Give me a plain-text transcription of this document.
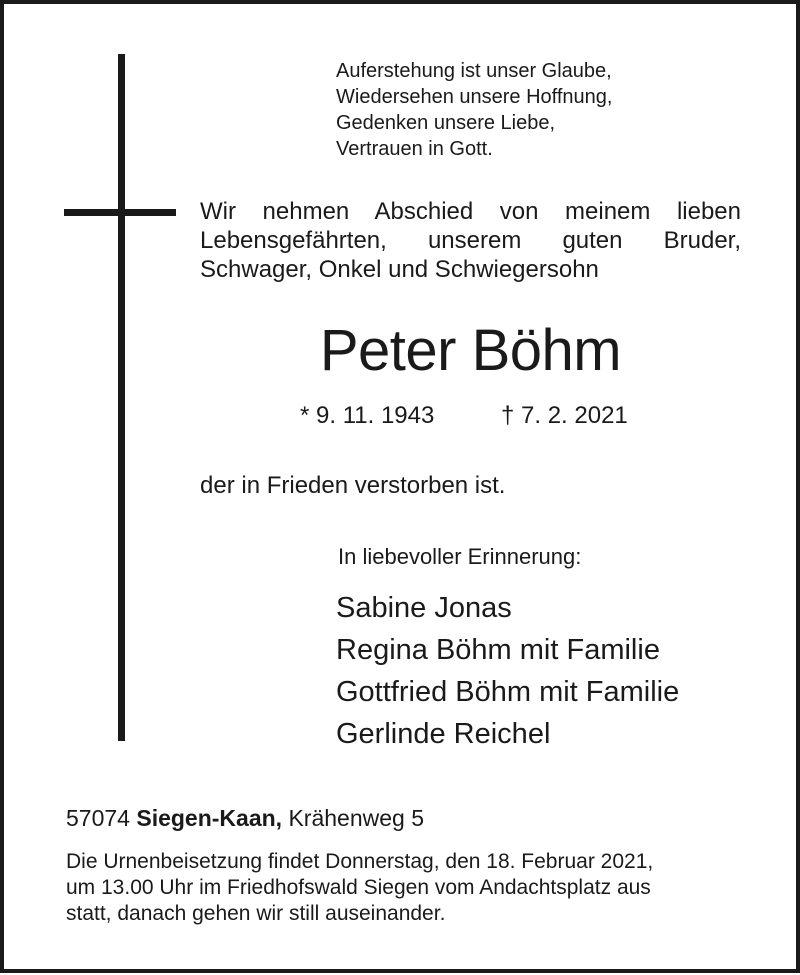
Auferstehung ist unser Glaube,
Wiedersehen unsere Hoffnung,
Gedenken unsere Liebe,
Vertrauen in Gott.
Wir nehmen Abschied von meinem lieben
Lebensgefährten, unserem guten Bruder,
Schwager, Onkel und Schwiegersohn
Peter Böhm
* 9. 11. 1943	† 7. 2. 2021
der in Frieden verstorben ist.
In liebevoller Erinnerung:
Sabine Jonas
Regina Böhm mit Familie
Gottfried Böhm mit Familie
Gerlinde Reichel
57074 Siegen-Kaan, Krähenweg 5
Die Urnenbeisetzung findet Donnerstag, den 18. Februar 2021,
um 13.00 Uhr im Friedhofswald Siegen vom Andachtsplatz aus
statt, danach gehen wir still auseinander.
